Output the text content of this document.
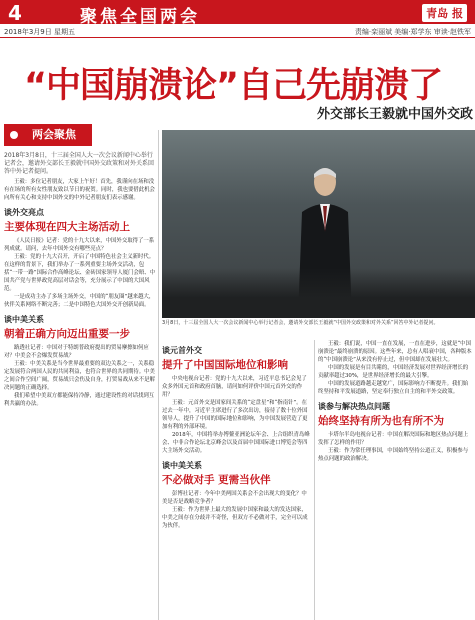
4	聚焦全国两会	青岛 报
2018年3月9日 星期五	责编·栾丽斌 美编·郑学东 审读·赵铁军
“中国崩溃论”自己先崩溃了
外交部长王毅就中国外交政
两会聚焦

2018年3月8日，十三届全国人大一次会议新闻中心举行记者会，邀请外交部长王毅就中国外交政策和对外关系回答中外记者提问。

王毅：多位记者朋友，大家上午好！首先，我谨向在场和没有在场的所有女性朋友致以节日的祝贺。同时，我也要借此机会向所有关心和支持中国外交的中外记者朋友们表示感谢。

谈外交亮点
主要体现在四大主场活动上

《人民日报》记者：党的十九大以来，中国外交取得了一系列成就。请问，去年中国外交有哪些亮点？

王毅：党的十九大召开，开启了中国特色社会主义新时代。在这样的背景下，我们举办了一系列重要主场外交活动，包括“一带一路”国际合作高峰论坛、金砖国家领导人厦门会晤、中国共产党与世界政党高层对话会等，充分展示了中国的大国风范。

一是成功主办了多场主场外交，中国的“朋友圈”越来越大，伙伴关系网络不断完善；二是中国特色大国外交开创新局面。

谈中美关系
朝着正确方向迈出重要一步

路透社记者：中国对于特朗普政府提出的贸易摩擦如何应对？中美会不会爆发贸易战？

王毅：中美关系是当今世界最重要的双边关系之一，关系稳定发展符合两国人民的共同利益，也符合世界的共同期待。中美之间合作空间广阔，贸易战只会伤及自身，打贸易战从来不是解决问题的正确选择。

我们希望中美双方都能保持冷静，通过建设性的对话找到互利共赢的办法。

3月8日，十三届全国人大一次会议新闻中心举行记者会，邀请外交部长王毅就“中国外交政策和对外关系”回答中外记者提问。
谈元首外交
提升了中国国际地位和影响

中央电视台记者：党的十九大以来，习近平总书记会见了众多外国元首和政府首脑，请问如何评价中国元首外交的作用？

王毅：元首外交是国家间关系的“定盘星”和“指南针”。在过去一年中，习近平主席进行了多次出访，接待了数十位外国领导人，提升了中国的国际地位和影响，为中国发展营造了更加有利的外部环境。

2018年，中国将举办博鳌亚洲论坛年会、上合组织青岛峰会、中非合作论坛北京峰会以及首届中国国际进口博览会等四大主场外交活动。

谈中美关系
不必做对手 更需当伙伴

彭博社记者：今年中美两国关系会不会出现大的变化？中美是否是战略竞争者？

王毅：作为世界上最大的发展中国家和最大的发达国家，中美之间存在分歧并不奇怪，但双方不必做对手，完全可以成为伙伴。

王毅：我们说，中国一直在发展，一直在进步，这就是“中国崩溃论”最终崩溃的原因。这些年来，总有人唱衰中国，各种版本的“中国崩溃论”从来没有停止过，但中国却在发展壮大。

中国的发展是有目共睹的，中国经济发展对世界经济增长的贡献率超过30%，是世界经济增长的最大引擎。

中国的发展道路越走越宽广，国际影响力不断提升。我们始终坚持和平发展道路，坚定奉行独立自主的和平外交政策。

谈参与解决热点问题
始终坚持有所为也有所不为

卡塔尔半岛电视台记者：中国在解决国际和地区热点问题上发挥了怎样的作用？

王毅：作为常任理事国，中国始终坚持公道正义，积极参与热点问题的政治解决。
